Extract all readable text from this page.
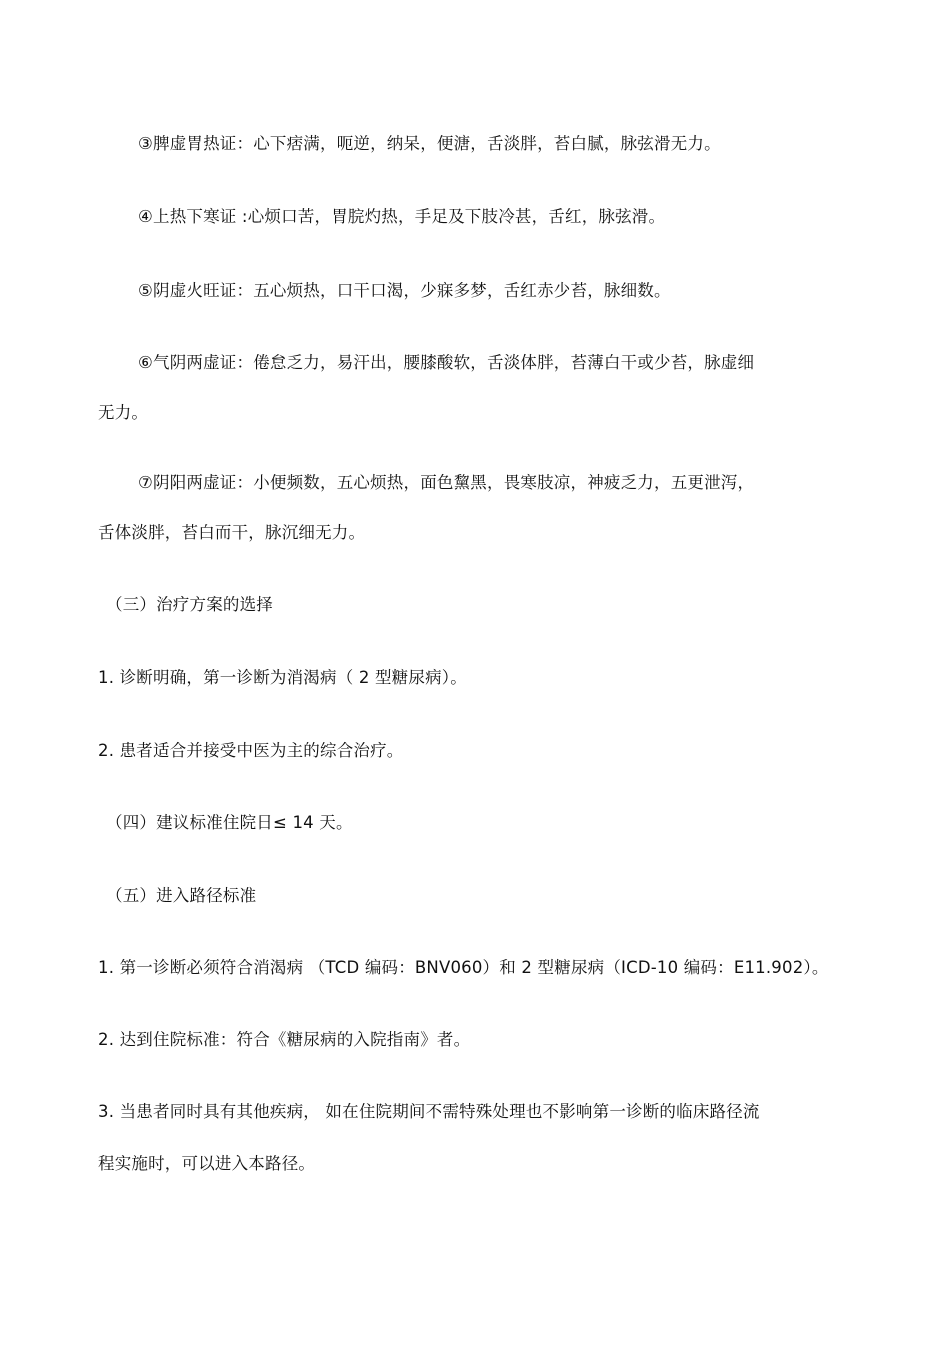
③脾虚胃热证：心下痞满，呃逆，纳呆，便溏，舌淡胖，苔白腻，脉弦滑无力。
④上热下寒证 :心烦口苦，胃脘灼热，手足及下肢冷甚，舌红，脉弦滑。
⑤阴虚火旺证：五心烦热，口干口渴，少寐多梦，舌红赤少苔，脉细数。
⑥气阴两虚证：倦怠乏力，易汗出，腰膝酸软，舌淡体胖，苔薄白干或少苔，脉虚细
无力。
⑦阴阳两虚证：小便频数，五心烦热，面色黧黑，畏寒肢凉，神疲乏力，五更泄泻，
舌体淡胖，苔白而干，脉沉细无力。
（三）治疗方案的选择
1. 诊断明确，第一诊断为消渴病（ 2 型糖尿病）。
2. 患者适合并接受中医为主的综合治疗。
（四）建议标准住院日≤ 14 天。
（五）进入路径标准
1. 第一诊断必须符合消渴病 （TCD 编码：BNV060）和 2 型糖尿病（ICD-10 编码：E11.902）。
2. 达到住院标准：符合《糖尿病的入院指南》者。
3. 当患者同时具有其他疾病， 如在住院期间不需特殊处理也不影响第一诊断的临床路径流
程实施时，可以进入本路径。
